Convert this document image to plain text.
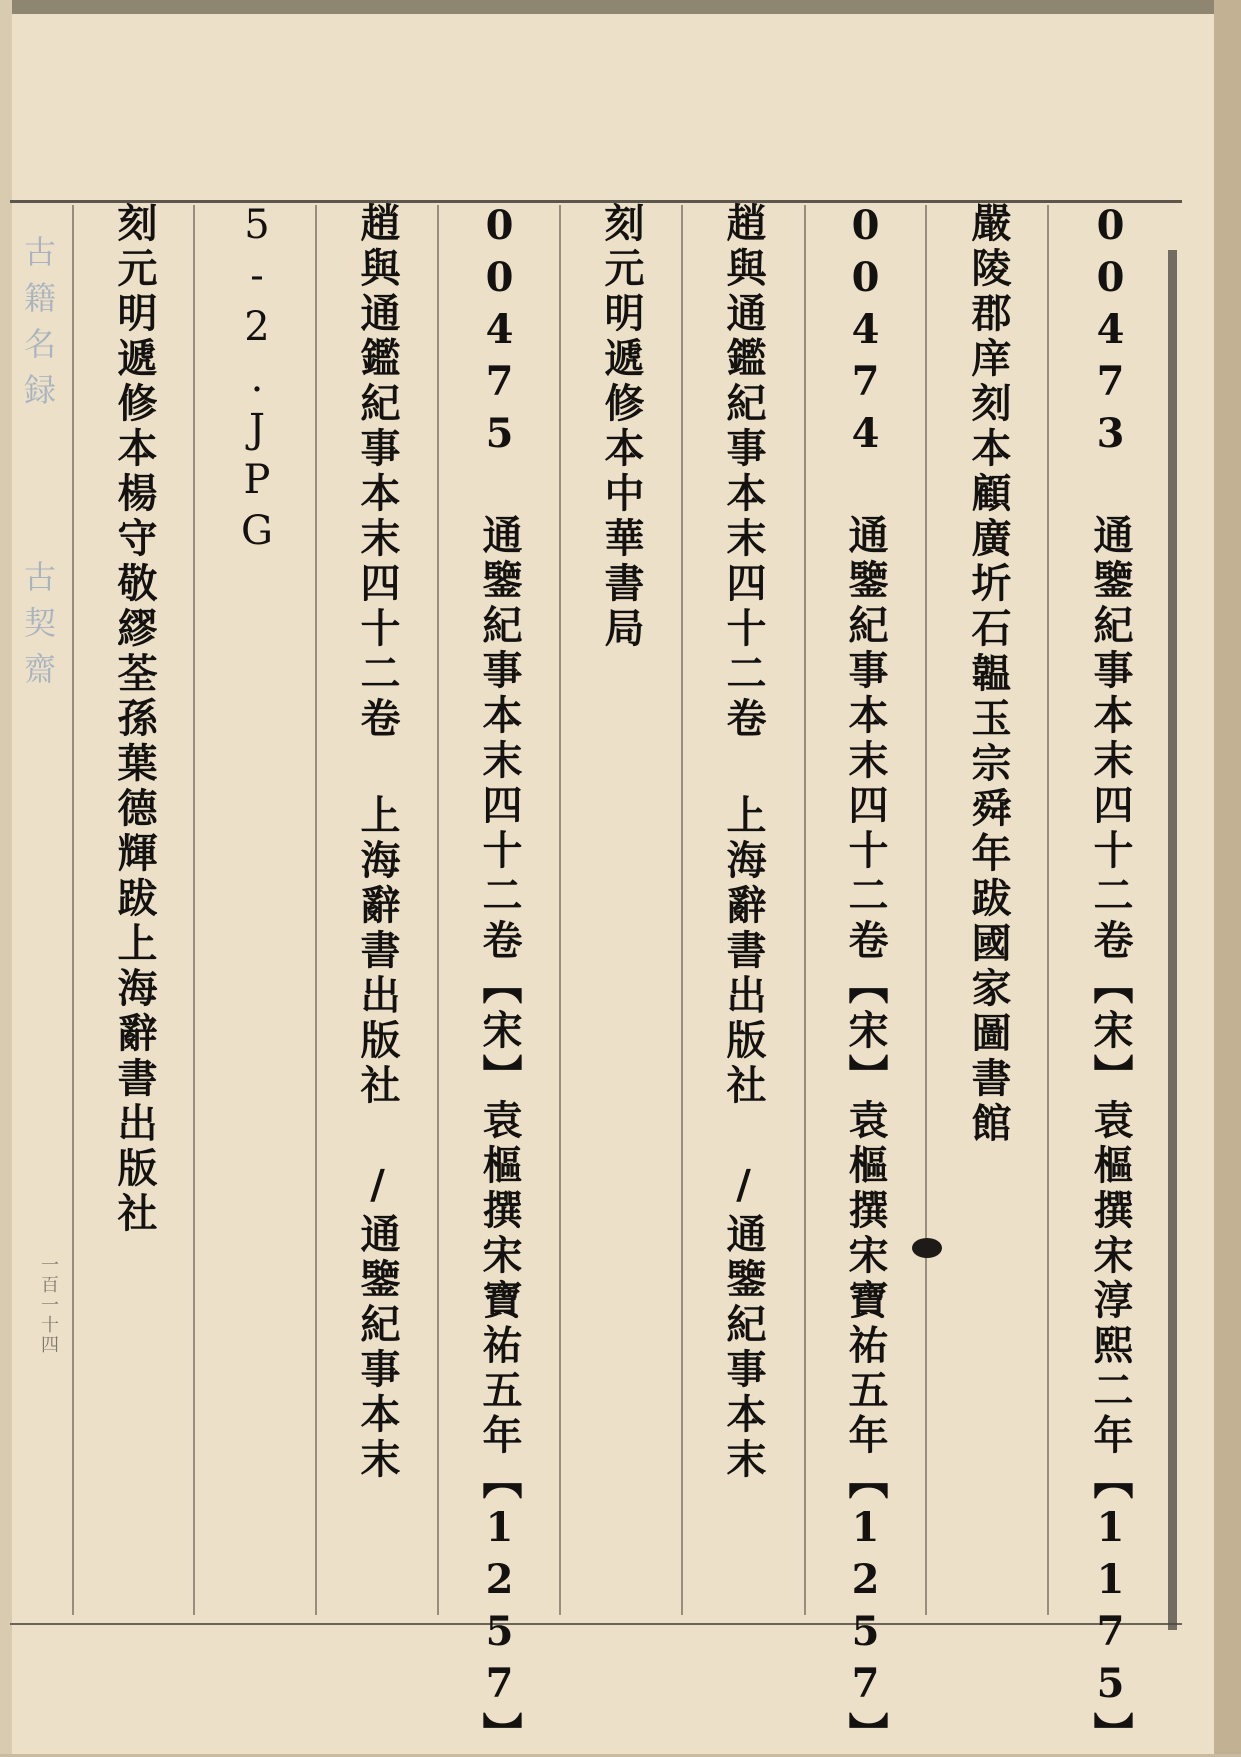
00473 通鑒紀事本末四十二卷【宋】袁樞撰宋淳熙二年【1175】
嚴陵郡庠刻本顧廣圻石韞玉宗舜年跋國家圖書館
00474 通鑒紀事本末四十二卷【宋】袁樞撰宋寶祐五年【1257】
趙與通鑑紀事本末四十二卷 上海辭書出版社 ∕通鑒紀事本末
刻元明遞修本中華書局
00475 通鑒紀事本末四十二卷【宋】袁樞撰宋寶祐五年【1257】
趙與通鑑紀事本末四十二卷 上海辭書出版社 ∕通鑒紀事本末
5-2.JPG
刻元明遞修本楊守敬繆荃孫葉德輝跋上海辭書出版社
古籍名録
古契齋
一百一十四
